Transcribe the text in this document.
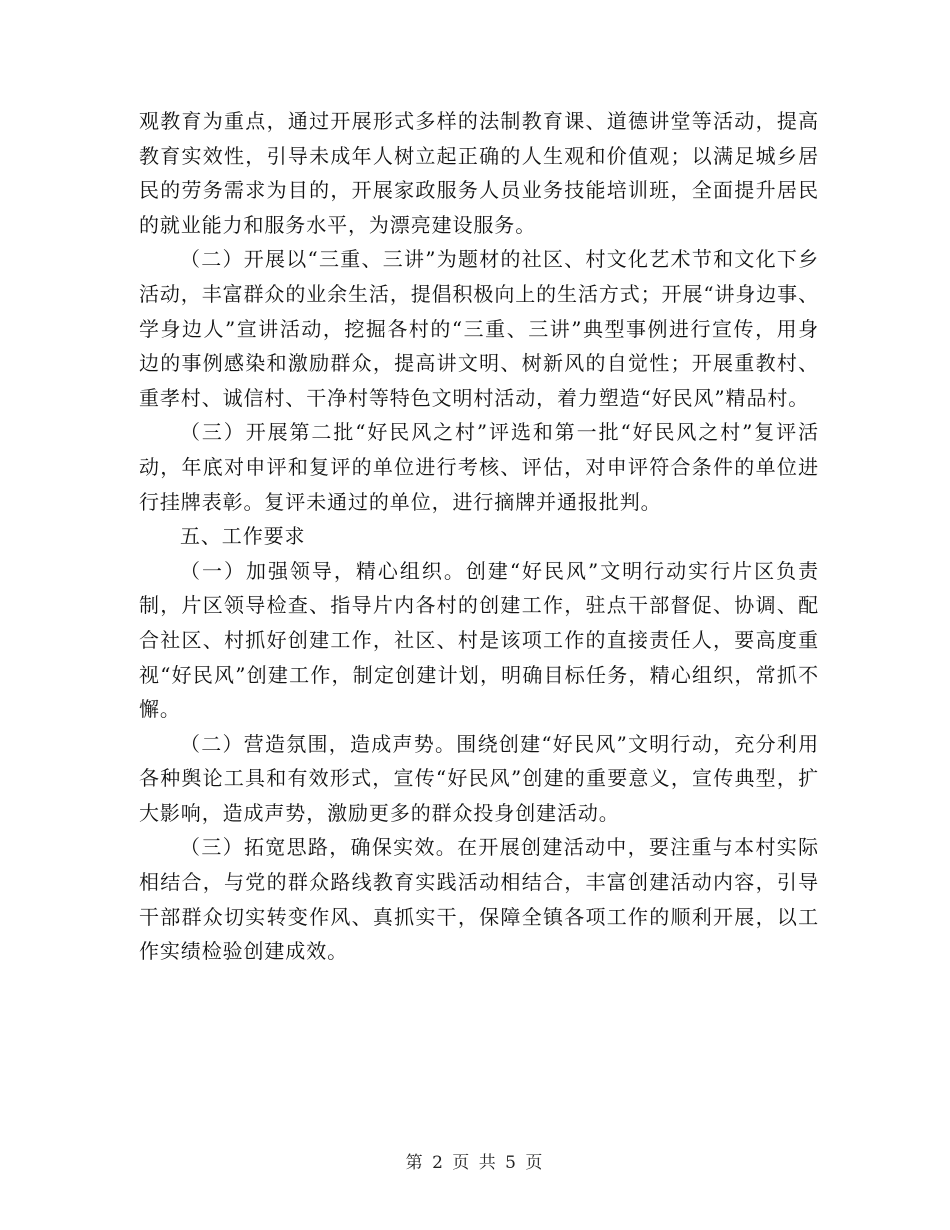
观教育为重点，通过开展形式多样的法制教育课、道德讲堂等活动，提高教育实效性，引导未成年人树立起正确的人生观和价值观；以满足城乡居民的劳务需求为目的，开展家政服务人员业务技能培训班，全面提升居民的就业能力和服务水平，为漂亮建设服务。

（二）开展以“三重、三讲”为题材的社区、村文化艺术节和文化下乡活动，丰富群众的业余生活，提倡积极向上的生活方式；开展“讲身边事、学身边人”宣讲活动，挖掘各村的“三重、三讲”典型事例进行宣传，用身边的事例感染和激励群众，提高讲文明、树新风的自觉性；开展重教村、重孝村、诚信村、干净村等特色文明村活动，着力塑造“好民风”精品村。

（三）开展第二批“好民风之村”评选和第一批“好民风之村”复评活动，年底对申评和复评的单位进行考核、评估，对申评符合条件的单位进行挂牌表彰。复评未通过的单位，进行摘牌并通报批判。

五、工作要求

（一）加强领导，精心组织。创建“好民风”文明行动实行片区负责制，片区领导检查、指导片内各村的创建工作，驻点干部督促、协调、配合社区、村抓好创建工作，社区、村是该项工作的直接责任人，要高度重视“好民风”创建工作，制定创建计划，明确目标任务，精心组织，常抓不懈。

（二）营造氛围，造成声势。围绕创建“好民风”文明行动，充分利用各种舆论工具和有效形式，宣传“好民风”创建的重要意义，宣传典型，扩大影响，造成声势，激励更多的群众投身创建活动。

（三）拓宽思路，确保实效。在开展创建活动中，要注重与本村实际相结合，与党的群众路线教育实践活动相结合，丰富创建活动内容，引导干部群众切实转变作风、真抓实干，保障全镇各项工作的顺利开展，以工作实绩检验创建成效。

第 2 页 共 5 页
